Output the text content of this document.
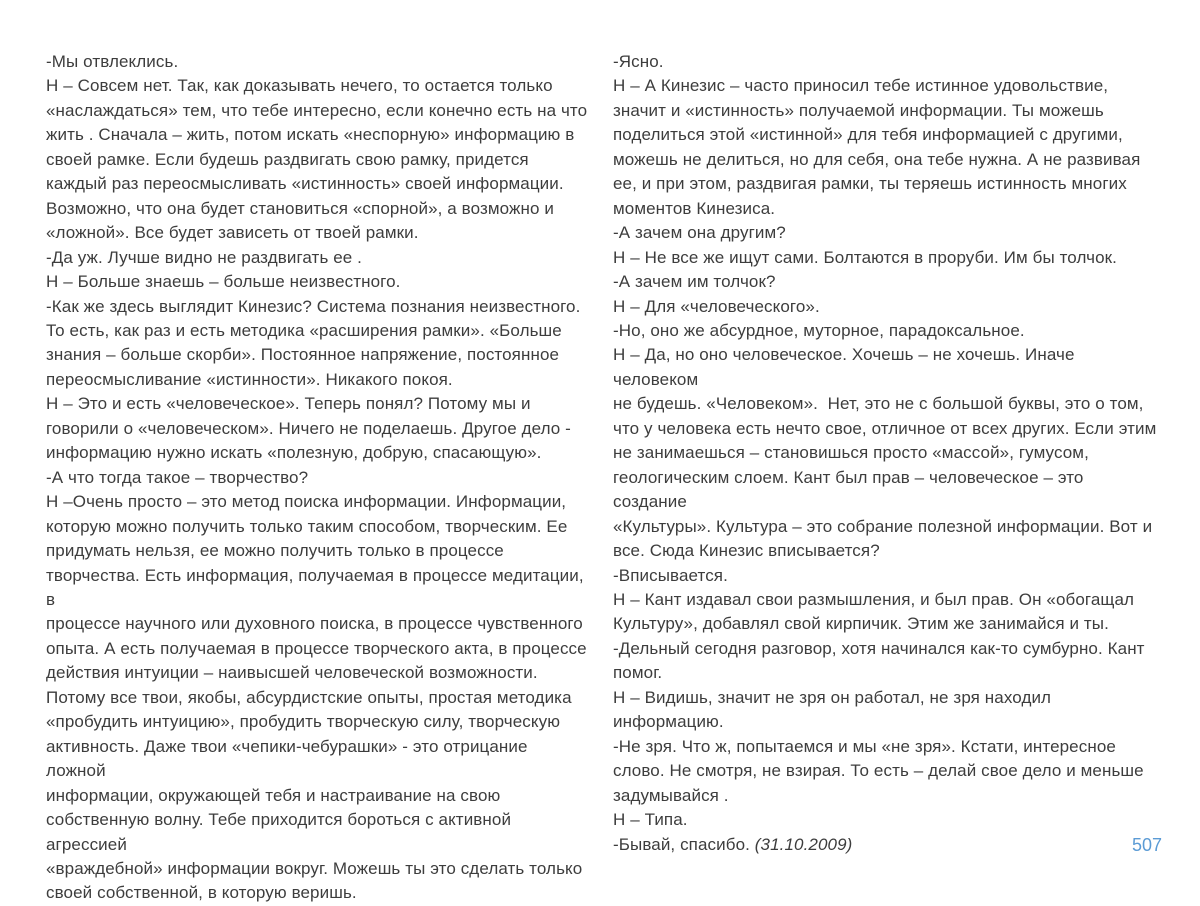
-Мы отвлеклись.
Н – Совсем нет. Так, как доказывать нечего, то остается только
«наслаждаться» тем, что тебе интересно, если конечно есть на что
жить . Сначала – жить, потом искать «неспорную» информацию в
своей рамке. Если будешь раздвигать свою рамку, придется
каждый раз переосмысливать «истинность» своей информации.
Возможно, что она будет становиться «спорной», а возможно и
«ложной». Все будет зависеть от твоей рамки.
-Да уж. Лучше видно не раздвигать ее .
Н – Больше знаешь – больше неизвестного.
-Как же здесь выглядит Кинезис? Система познания неизвестного.
То есть, как раз и есть методика «расширения рамки». «Больше
знания – больше скорби». Постоянное напряжение, постоянное
переосмысливание «истинности». Никакого покоя.
Н – Это и есть «человеческое». Теперь понял? Потому мы и
говорили о «человеческом». Ничего не поделаешь. Другое дело -
информацию нужно искать «полезную, добрую, спасающую».
-А что тогда такое – творчество?
Н –Очень просто – это метод поиска информации. Информации,
которую можно получить только таким способом, творческим. Ее
придумать нельзя, ее можно получить только в процессе
творчества. Есть информация, получаемая в процессе медитации, в
процессе научного или духовного поиска, в процессе чувственного
опыта. А есть получаемая в процессе творческого акта, в процессе
действия интуиции – наивысшей человеческой возможности.
Потому все твои, якобы, абсурдистские опыты, простая методика
«пробудить интуицию», пробудить творческую силу, творческую
активность. Даже твои «чепики-чебурашки» - это отрицание ложной
информации, окружающей тебя и настраивание на свою
собственную волну. Тебе приходится бороться с активной агрессией
«враждебной» информации вокруг. Можешь ты это сделать только
своей собственной, в которую веришь.
-Ясно.
Н – А Кинезис – часто приносил тебе истинное удовольствие,
значит и «истинность» получаемой информации. Ты можешь
поделиться этой «истинной» для тебя информацией с другими,
можешь не делиться, но для себя, она тебе нужна. А не развивая
ее, и при этом, раздвигая рамки, ты теряешь истинность многих
моментов Кинезиса.
-А зачем она другим?
Н – Не все же ищут сами. Болтаются в проруби. Им бы толчок.
-А зачем им толчок?
Н – Для «человеческого».
-Но, оно же абсурдное, муторное, парадоксальное.
Н – Да, но оно человеческое. Хочешь – не хочешь. Иначе человеком
не будешь. «Человеком».  Нет, это не с большой буквы, это о том,
что у человека есть нечто свое, отличное от всех других. Если этим
не занимаешься – становишься просто «массой», гумусом,
геологическим слоем. Кант был прав – человеческое – это создание
«Культуры». Культура – это собрание полезной информации. Вот и
все. Сюда Кинезис вписывается?
-Вписывается.
Н – Кант издавал свои размышления, и был прав. Он «обогащал
Культуру», добавлял свой кирпичик. Этим же занимайся и ты.
-Дельный сегодня разговор, хотя начинался как-то сумбурно. Кант
помог.
Н – Видишь, значит не зря он работал, не зря находил информацию.
-Не зря. Что ж, попытаемся и мы «не зря». Кстати, интересное
слово. Не смотря, не взирая. То есть – делай свое дело и меньше
задумывайся .
Н – Типа.
-Бывай, спасибо. (31.10.2009)	507
